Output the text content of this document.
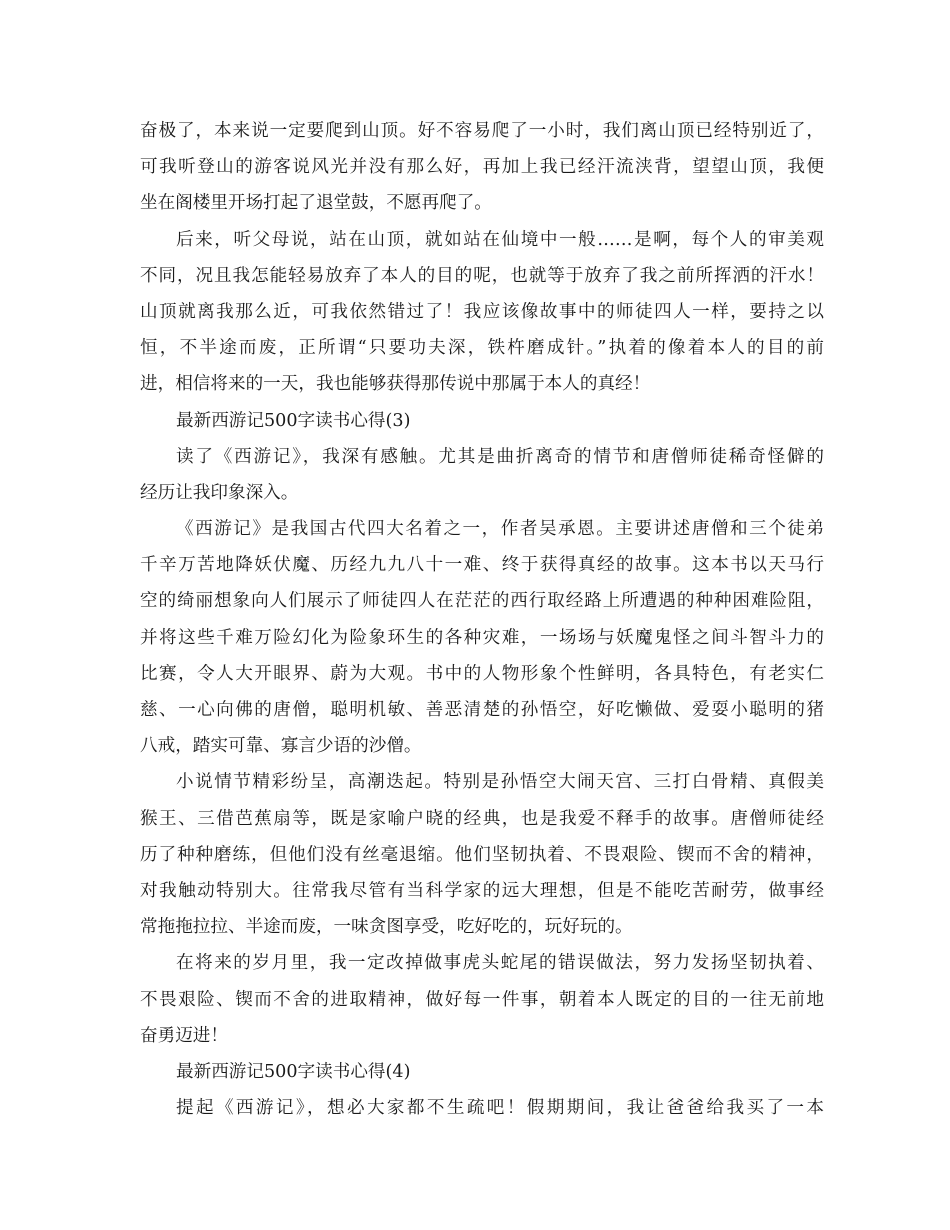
奋极了，本来说一定要爬到山顶。好不容易爬了一小时，我们离山顶已经特别近了，
可我听登山的游客说风光并没有那么好，再加上我已经汗流浃背，望望山顶，我便
坐在阁楼里开场打起了退堂鼓，不愿再爬了。
后来，听父母说，站在山顶，就如站在仙境中一般……是啊，每个人的审美观
不同，况且我怎能轻易放弃了本人的目的呢，也就等于放弃了我之前所挥洒的汗水！
山顶就离我那么近，可我依然错过了！我应该像故事中的师徒四人一样，要持之以
恒，不半途而废，正所谓“只要功夫深，铁杵磨成针。”执着的像着本人的目的前
进，相信将来的一天，我也能够获得那传说中那属于本人的真经！
最新西游记500字读书心得(3)
读了《西游记》，我深有感触。尤其是曲折离奇的情节和唐僧师徒稀奇怪僻的
经历让我印象深入。
《西游记》是我国古代四大名着之一，作者吴承恩。主要讲述唐僧和三个徒弟
千辛万苦地降妖伏魔、历经九九八十一难、终于获得真经的故事。这本书以天马行
空的绮丽想象向人们展示了师徒四人在茫茫的西行取经路上所遭遇的种种困难险阻，
并将这些千难万险幻化为险象环生的各种灾难，一场场与妖魔鬼怪之间斗智斗力的
比赛，令人大开眼界、蔚为大观。书中的人物形象个性鲜明，各具特色，有老实仁
慈、一心向佛的唐僧，聪明机敏、善恶清楚的孙悟空，好吃懒做、爱耍小聪明的猪
八戒，踏实可靠、寡言少语的沙僧。
小说情节精彩纷呈，高潮迭起。特别是孙悟空大闹天宫、三打白骨精、真假美
猴王、三借芭蕉扇等，既是家喻户晓的经典，也是我爱不释手的故事。唐僧师徒经
历了种种磨练，但他们没有丝毫退缩。他们坚韧执着、不畏艰险、锲而不舍的精神，
对我触动特别大。往常我尽管有当科学家的远大理想，但是不能吃苦耐劳，做事经
常拖拖拉拉、半途而废，一味贪图享受，吃好吃的，玩好玩的。
在将来的岁月里，我一定改掉做事虎头蛇尾的错误做法，努力发扬坚韧执着、
不畏艰险、锲而不舍的进取精神，做好每一件事，朝着本人既定的目的一往无前地
奋勇迈进！
最新西游记500字读书心得(4)
提起《西游记》，想必大家都不生疏吧！假期期间，我让爸爸给我买了一本
